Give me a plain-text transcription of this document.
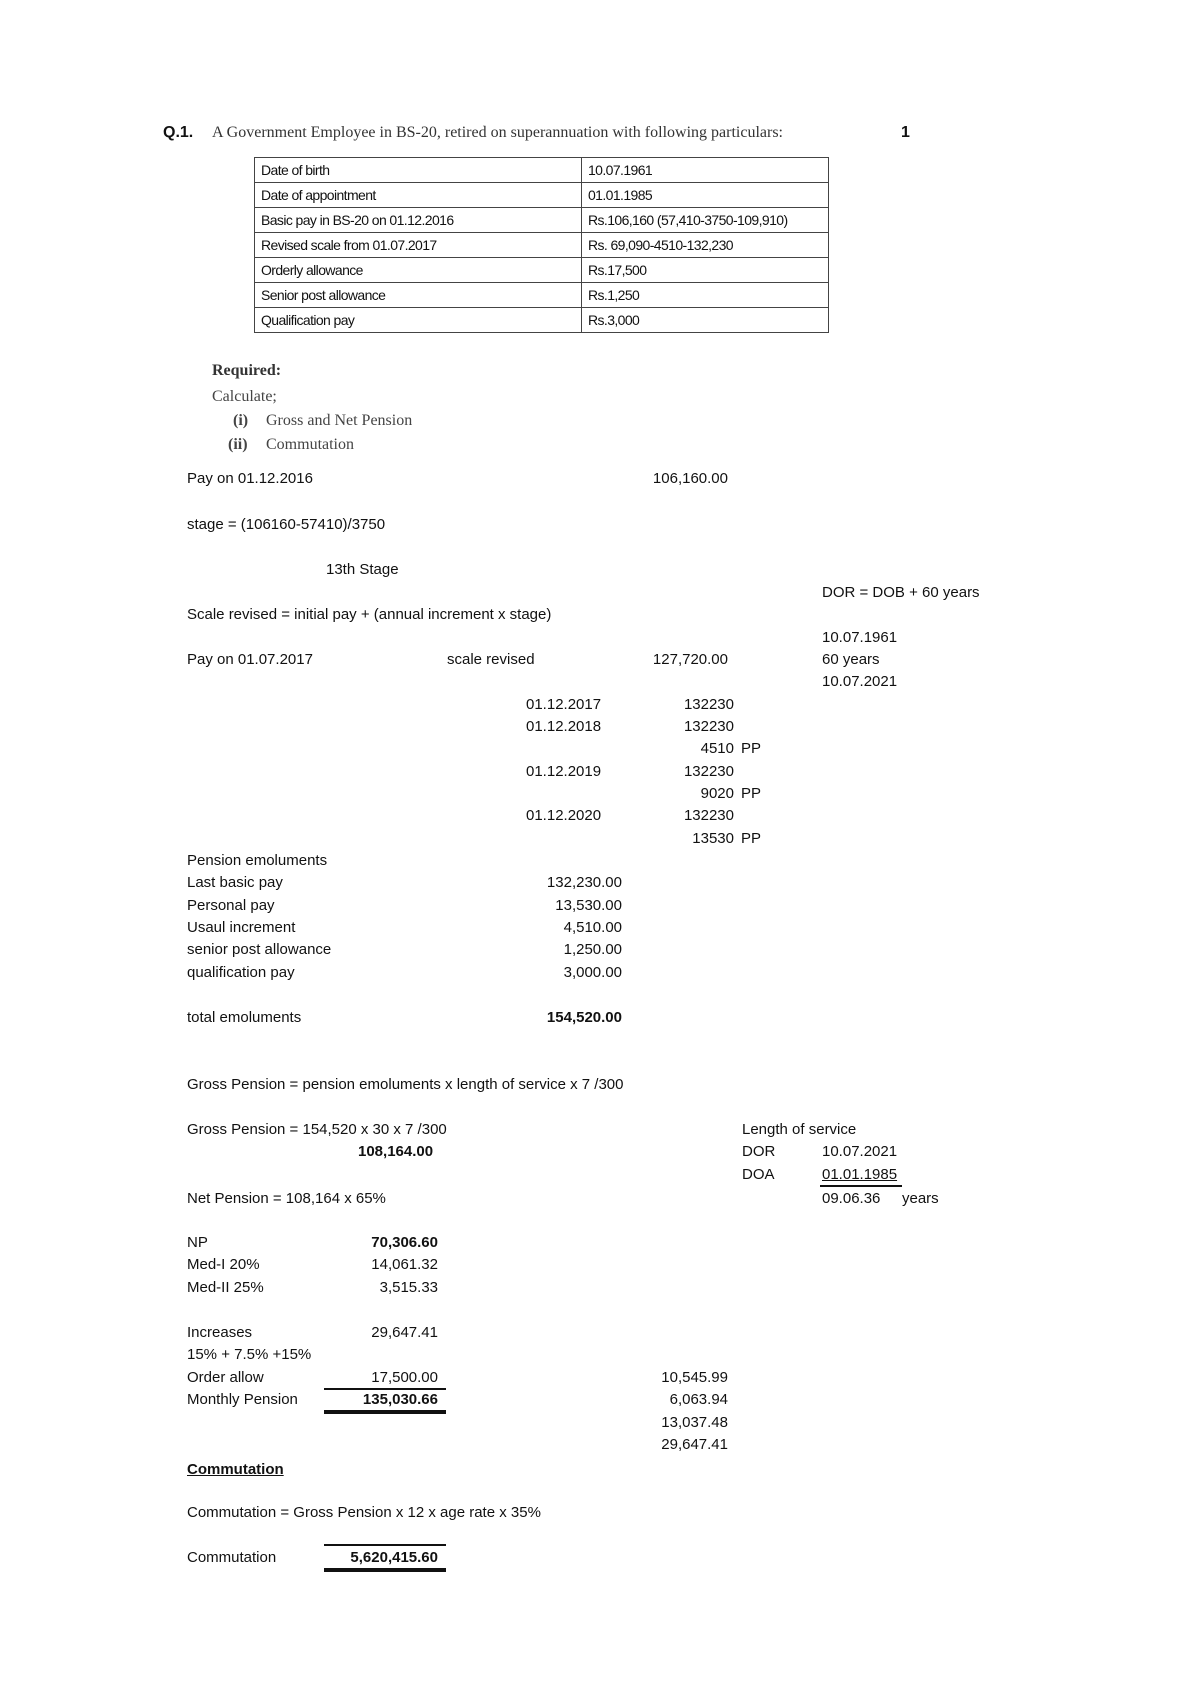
Q.1. A Government Employee in BS-20, retired on superannuation with following particulars:	1
Date of birth	10.07.1961
Date of appointment	01.01.1985
Basic pay in BS-20 on 01.12.2016	Rs.106,160 (57,410-3750-109,910)
Revised scale from 01.07.2017	Rs. 69,090-4510-132,230
Orderly allowance	Rs.17,500
Senior post allowance	Rs.1,250
Qualification pay	Rs.3,000
Required:
Calculate;
(i) Gross and Net Pension
(ii) Commutation
Pay on 01.12.2016	106,160.00
stage = (106160-57410)/3750
13th Stage
DOR = DOB + 60 years
Scale revised = initial pay + (annual increment x stage)
10.07.1961
Pay on 01.07.2017	scale revised	127,720.00	60 years
10.07.2021
01.12.2017	132230
01.12.2018	132230
4510 PP
01.12.2019	132230
9020 PP
01.12.2020	132230
13530 PP
Pension emoluments
Last basic pay	132,230.00
Personal pay	13,530.00
Usaul increment	4,510.00
senior post allowance	1,250.00
qualification pay	3,000.00
total emoluments	154,520.00
Gross Pension = pension emoluments x length of service x 7 /300
Gross Pension = 154,520 x 30 x 7 /300
108,164.00
Length of service
DOR	10.07.2021
DOA	01.01.1985
09.06.36 years
Net Pension = 108,164 x 65%
NP	70,306.60
Med-I 20%	14,061.32
Med-II 25%	3,515.33
Increases	29,647.41
15% + 7.5% +15%
Order allow	17,500.00
Monthly Pension	135,030.66
10,545.99
6,063.94
13,037.48
29,647.41
Commutation
Commutation = Gross Pension x 12 x age rate x 35%
Commutation	5,620,415.60
